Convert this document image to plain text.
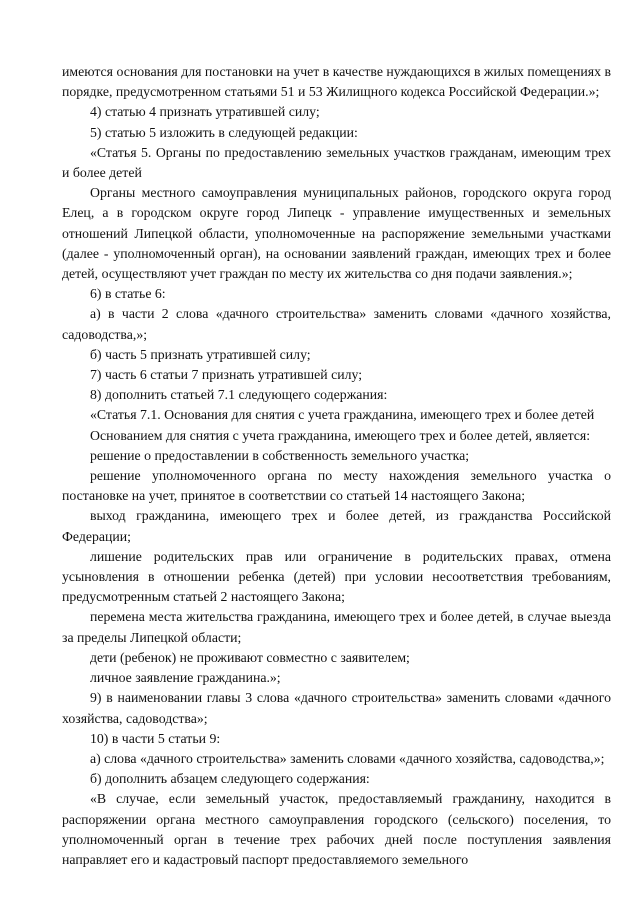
имеются основания для постановки на учет в качестве нуждающихся в жилых помещениях в порядке, предусмотренном статьями 51 и 53 Жилищного кодекса Российской Федерации.»;

4) статью 4 признать утратившей силу;

5) статью 5 изложить в следующей редакции:

«Статья 5. Органы по предоставлению земельных участков гражданам, имеющим трех и более детей

Органы местного самоуправления муниципальных районов, городского округа город Елец, а в городском округе город Липецк - управление имущественных и земельных отношений Липецкой области, уполномоченные на распоряжение земельными участками (далее - уполномоченный орган), на основании заявлений граждан, имеющих трех и более детей, осуществляют учет граждан по месту их жительства со дня подачи заявления.»;

6) в статье 6:

а) в части 2 слова «дачного строительства» заменить словами «дачного хозяйства, садоводства,»;

б) часть 5 признать утратившей силу;

7) часть 6 статьи 7 признать утратившей силу;

8) дополнить статьей 7.1 следующего содержания:

«Статья 7.1. Основания для снятия с учета гражданина, имеющего трех и более детей

Основанием для снятия с учета гражданина, имеющего трех и более детей, является:

решение о предоставлении в собственность земельного участка;

решение уполномоченного органа по месту нахождения земельного участка о постановке на учет, принятое в соответствии со статьей 14 настоящего Закона;

выход гражданина, имеющего трех и более детей, из гражданства Российской Федерации;

лишение родительских прав или ограничение в родительских правах, отмена усыновления в отношении ребенка (детей) при условии несоответствия требованиям, предусмотренным статьей 2 настоящего Закона;

перемена места жительства гражданина, имеющего трех и более детей, в случае выезда за пределы Липецкой области;

дети (ребенок) не проживают совместно с заявителем;

личное заявление гражданина.»;

9) в наименовании главы 3 слова «дачного строительства» заменить словами «дачного хозяйства, садоводства»;

10) в части 5 статьи 9:

а) слова «дачного строительства» заменить словами «дачного хозяйства, садоводства,»;

б) дополнить абзацем следующего содержания:

«В случае, если земельный участок, предоставляемый гражданину, находится в распоряжении органа местного самоуправления городского (сельского) поселения, то уполномоченный орган в течение трех рабочих дней после поступления заявления направляет его и кадастровый паспорт предоставляемого земельного
